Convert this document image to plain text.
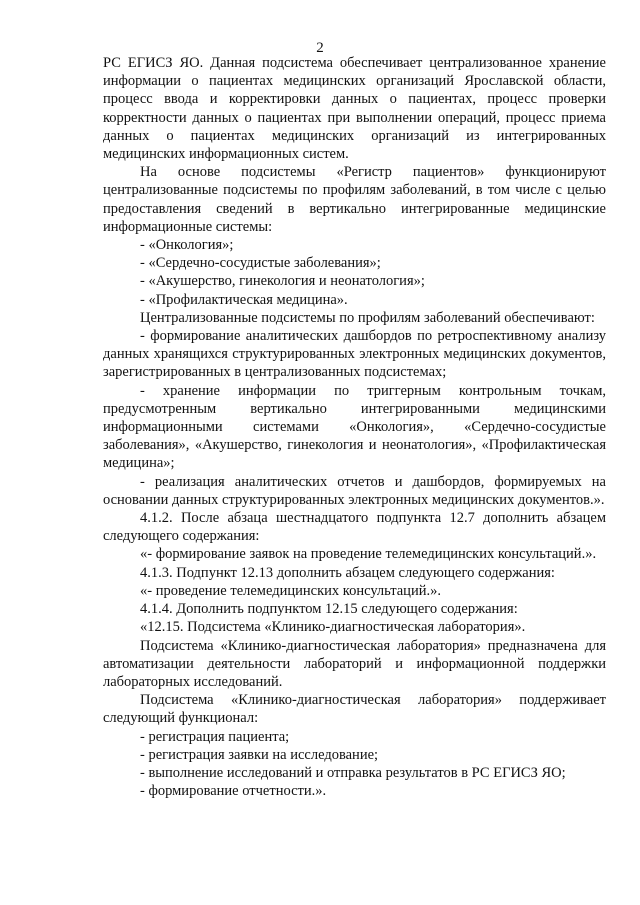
2

РС ЕГИСЗ ЯО. Данная подсистема обеспечивает централизованное хранение информации о пациентах медицинских организаций Ярославской области, процесс ввода и корректировки данных о пациентах, процесс проверки корректности данных о пациентах при выполнении операций, процесс приема данных о пациентах медицинских организаций из интегрированных медицинских информационных систем.

На основе подсистемы «Регистр пациентов» функционируют централизованные подсистемы по профилям заболеваний, в том числе с целью предоставления сведений в вертикально интегрированные медицинские информационные системы:

- «Онкология»;

- «Сердечно-сосудистые заболевания»;

- «Акушерство, гинекология и неонатология»;

- «Профилактическая медицина».

Централизованные подсистемы по профилям заболеваний обеспечивают:

- формирование аналитических дашбордов по ретроспективному анализу данных хранящихся структурированных электронных медицинских документов, зарегистрированных в централизованных подсистемах;

- хранение информации по триггерным контрольным точкам, предусмотренным вертикально интегрированными медицинскими информационными системами «Онкология», «Сердечно-сосудистые заболевания», «Акушерство, гинекология и неонатология», «Профилактическая медицина»;

- реализация аналитических отчетов и дашбордов, формируемых на основании данных структурированных электронных медицинских документов.».

4.1.2. После абзаца шестнадцатого подпункта 12.7 дополнить абзацем следующего содержания:

«- формирование заявок на проведение телемедицинских консультаций.».

4.1.3. Подпункт 12.13 дополнить абзацем следующего содержания:

«- проведение телемедицинских консультаций.».

4.1.4. Дополнить подпунктом 12.15 следующего содержания:

«12.15. Подсистема «Клинико-диагностическая лаборатория».

Подсистема «Клинико-диагностическая лаборатория» предназначена для автоматизации деятельности лабораторий и информационной поддержки лабораторных исследований.

Подсистема «Клинико-диагностическая лаборатория» поддерживает следующий функционал:

- регистрация пациента;

- регистрация заявки на исследование;

- выполнение исследований и отправка результатов в РС ЕГИСЗ ЯО;

- формирование отчетности.».
